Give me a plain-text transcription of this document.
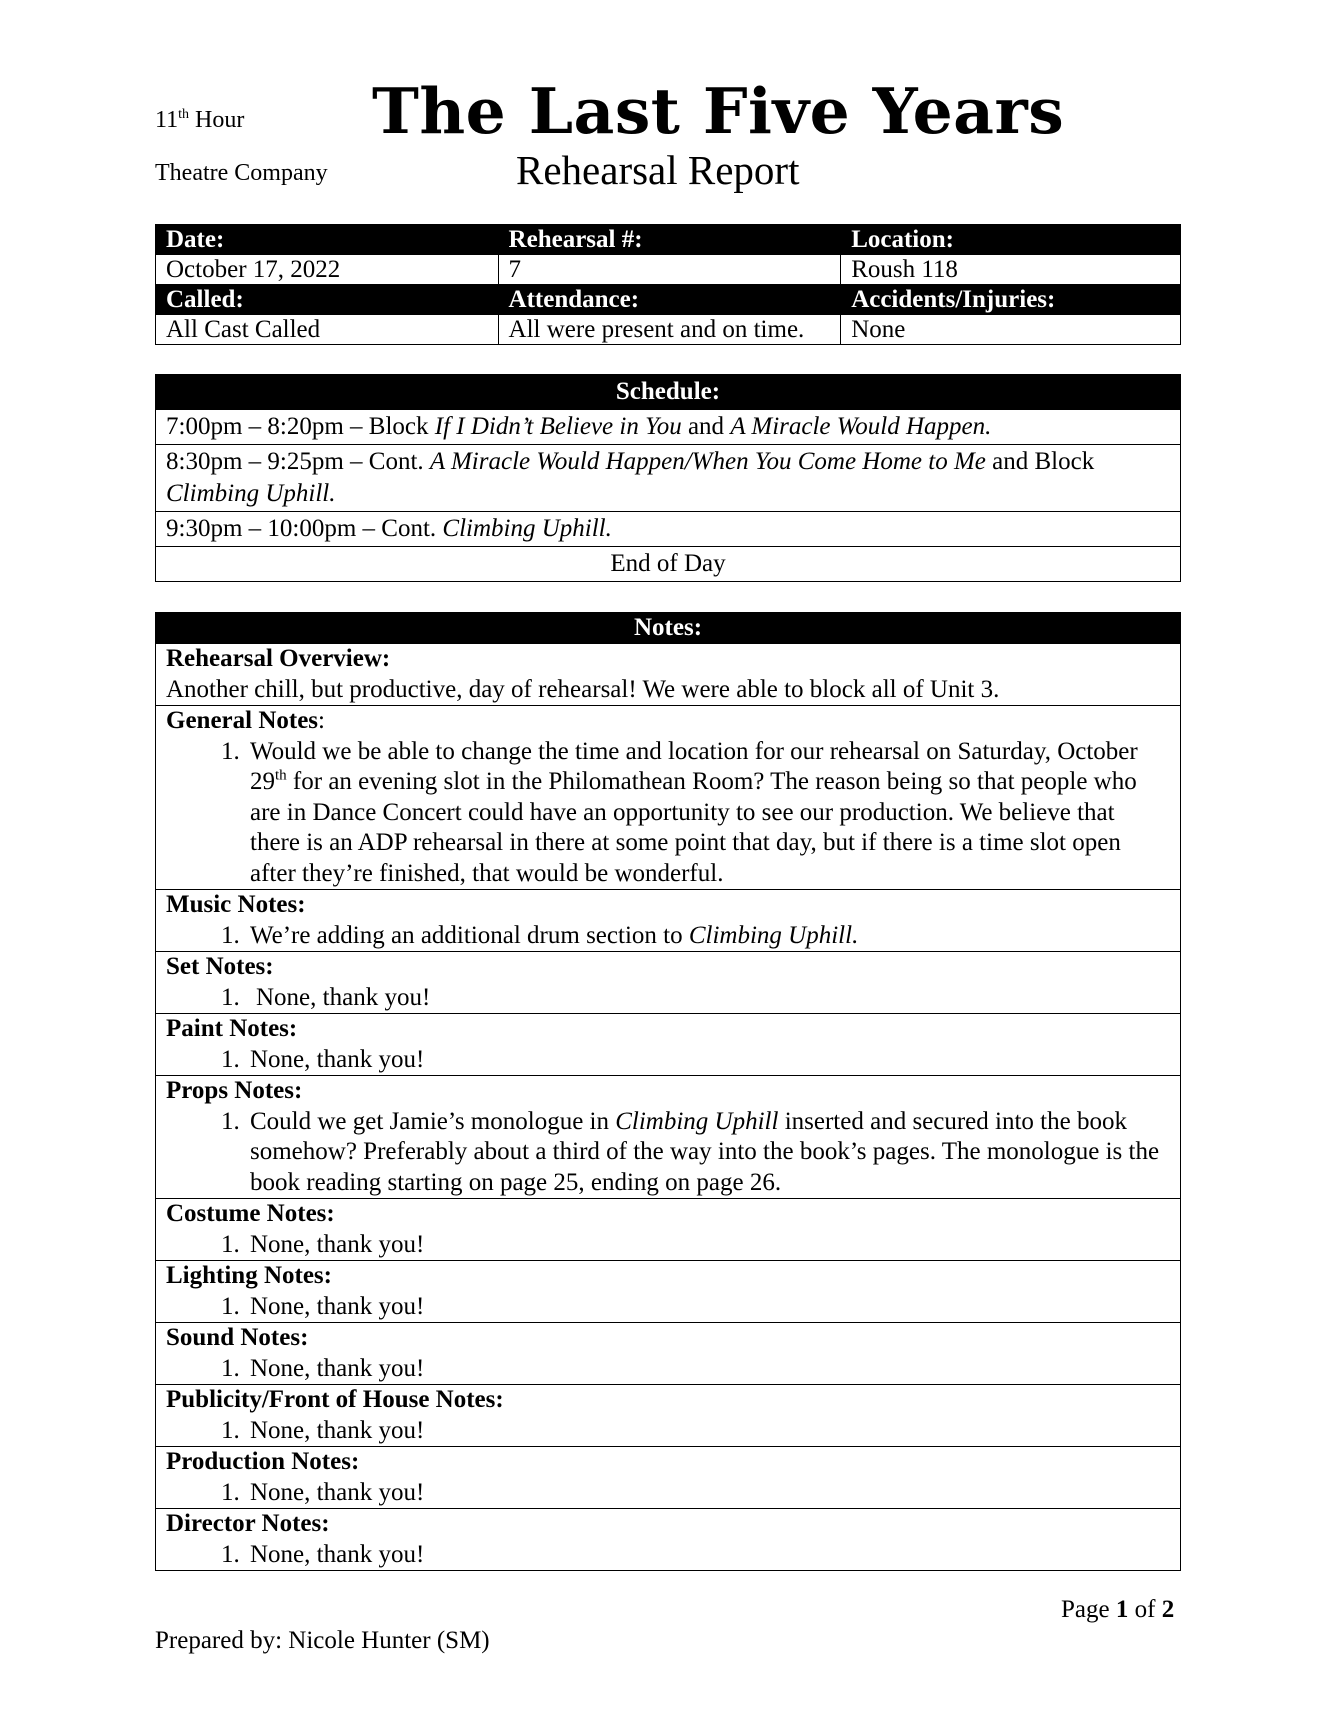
11th Hour
Theatre Company
The Last Five Years
Rehearsal Report
Date:	Rehearsal #:	Location:
October 17, 2022	7	Roush 118
Called:	Attendance:	Accidents/Injuries:
All Cast Called	All were present and on time.	None
Schedule:
7:00pm – 8:20pm – Block If I Didn’t Believe in You and A Miracle Would Happen.
8:30pm – 9:25pm – Cont. A Miracle Would Happen/When You Come Home to Me and Block Climbing Uphill.
9:30pm – 10:00pm – Cont. Climbing Uphill.
End of Day
Notes:

Rehearsal Overview:
Another chill, but productive, day of rehearsal! We were able to block all of Unit 3.

General Notes:
1. Would we be able to change the time and location for our rehearsal on Saturday, October 29th for an evening slot in the Philomathean Room? The reason being so that people who are in Dance Concert could have an opportunity to see our production. We believe that there is an ADP rehearsal in there at some point that day, but if there is a time slot open after they’re finished, that would be wonderful.

Music Notes:
1. We’re adding an additional drum section to Climbing Uphill.

Set Notes:
1. None, thank you!

Paint Notes:
1. None, thank you!

Props Notes:
1. Could we get Jamie’s monologue in Climbing Uphill inserted and secured into the book somehow? Preferably about a third of the way into the book’s pages. The monologue is the book reading starting on page 25, ending on page 26.

Costume Notes:
1. None, thank you!

Lighting Notes:
1. None, thank you!

Sound Notes:
1. None, thank you!

Publicity/Front of House Notes:
1. None, thank you!

Production Notes:
1. None, thank you!

Director Notes:
1. None, thank you!
Page 1 of 2
Prepared by: Nicole Hunter (SM)
